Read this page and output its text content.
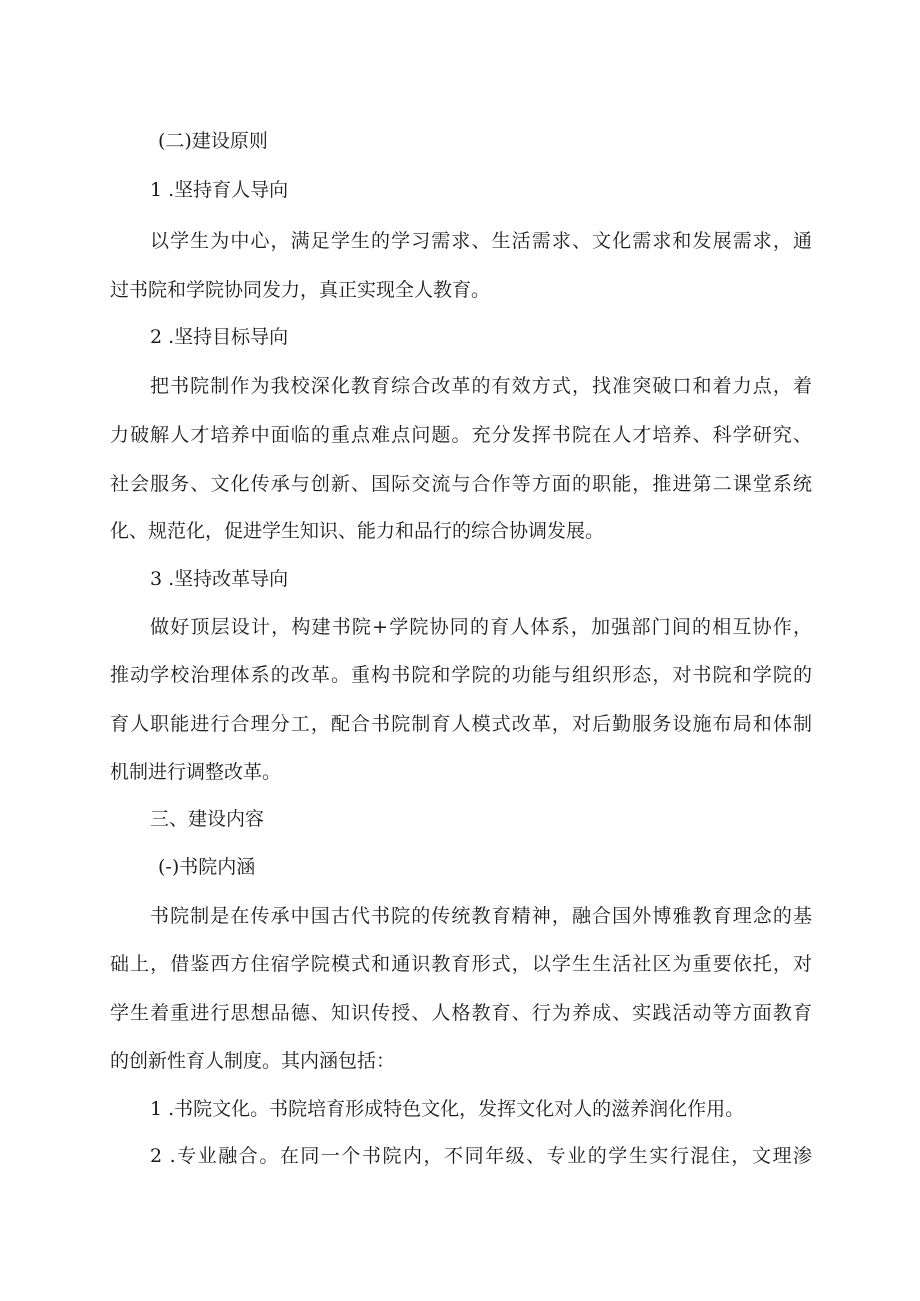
(二)建设原则

1 .坚持育人导向

以学生为中心，满足学生的学习需求、生活需求、文化需求和发展需求，通

过书院和学院协同发力，真正实现全人教育。

2 .坚持目标导向

把书院制作为我校深化教育综合改革的有效方式，找准突破口和着力点，着

力破解人才培养中面临的重点难点问题。充分发挥书院在人才培养、科学研究、

社会服务、文化传承与创新、国际交流与合作等方面的职能，推进第二课堂系统

化、规范化，促进学生知识、能力和品行的综合协调发展。

3 .坚持改革导向

做好顶层设计，构建书院+学院协同的育人体系，加强部门间的相互协作，

推动学校治理体系的改革。重构书院和学院的功能与组织形态，对书院和学院的

育人职能进行合理分工，配合书院制育人模式改革，对后勤服务设施布局和体制

机制进行调整改革。

三、建设内容

(-)书院内涵

书院制是在传承中国古代书院的传统教育精神，融合国外博雅教育理念的基

础上，借鉴西方住宿学院模式和通识教育形式，以学生生活社区为重要依托，对

学生着重进行思想品德、知识传授、人格教育、行为养成、实践活动等方面教育

的创新性育人制度。其内涵包括：

1 .书院文化。书院培育形成特色文化，发挥文化对人的滋养润化作用。

2 .专业融合。在同一个书院内，不同年级、专业的学生实行混住，文理渗
